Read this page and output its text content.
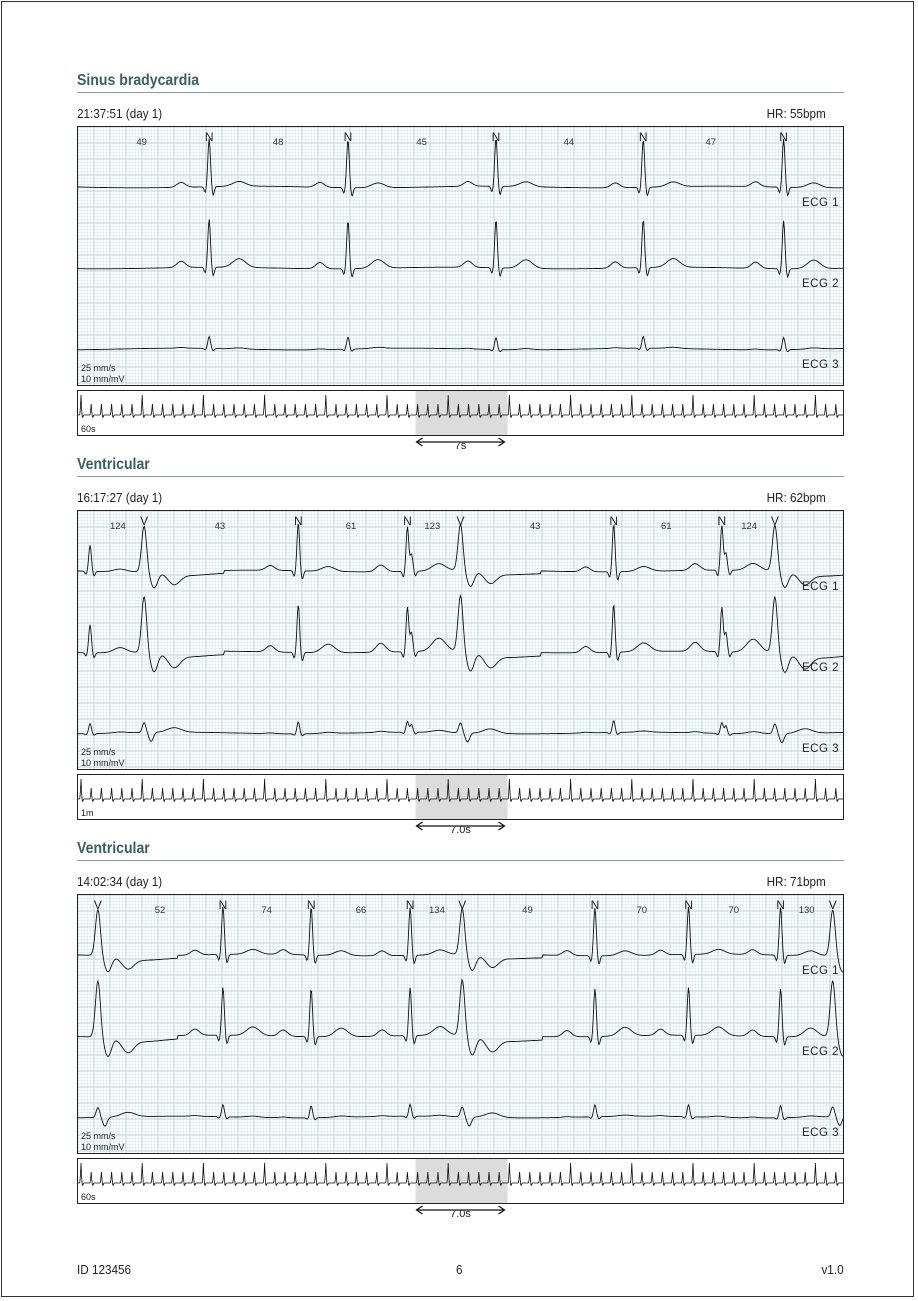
Sinus bradycardia
21:37:51 (day 1)	HR: 55bpm
25 mm/s
10 mm/mV
ECG 1
ECG 2
ECG 3
N	N	N	N	N
49	48	45	44	47
60s
7s
Ventricular
16:17:27 (day 1)	HR: 62bpm
25 mm/s
10 mm/mV
ECG 1
ECG 2
ECG 3
V	N	N	V	N	N	V
124	43	61	123	43	61	124
1m
7.0s
Ventricular
14:02:34 (day 1)	HR: 71bpm
25 mm/s
10 mm/mV
ECG 1
ECG 2
ECG 3
V	N	N	N	V	N	N	N	V
52	74	66	134	49	70	70	130
60s
7.0s
ID 123456	6	v1.0
